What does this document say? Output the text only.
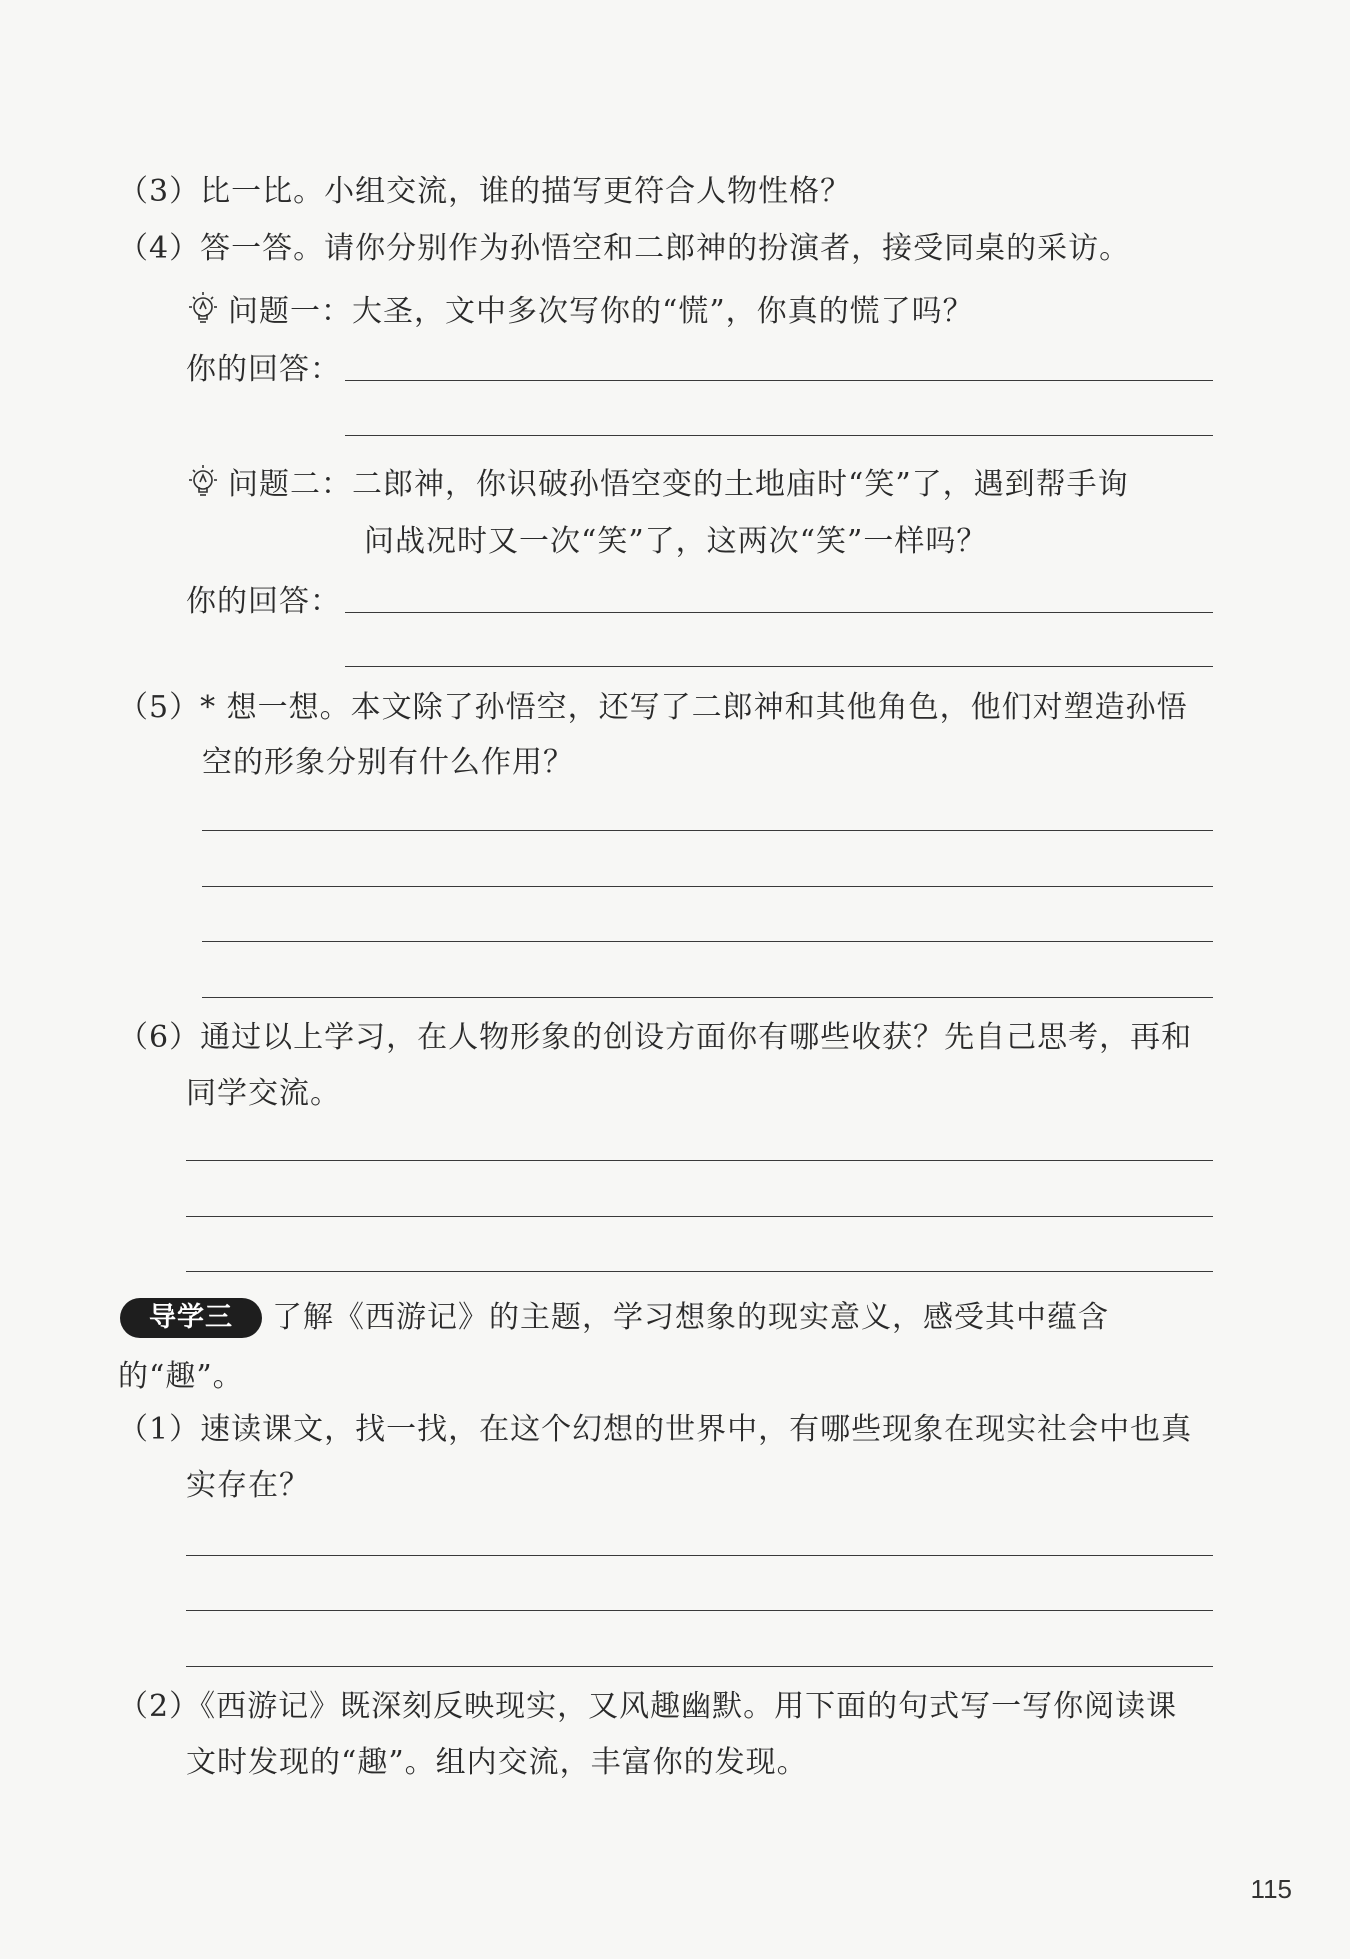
（3）比一比。小组交流，谁的描写更符合人物性格？
（4）答一答。请你分别作为孙悟空和二郎神的扮演者，接受同桌的采访。
问题一：大圣，文中多次写你的“慌”，你真的慌了吗？
你的回答：
问题二：二郎神，你识破孙悟空变的土地庙时“笑”了，遇到帮手询
问战况时又一次“笑”了，这两次“笑”一样吗？
你的回答：
（5）* 想一想。本文除了孙悟空，还写了二郎神和其他角色，他们对塑造孙悟
空的形象分别有什么作用？
（6）通过以上学习，在人物形象的创设方面你有哪些收获？先自己思考，再和
同学交流。
导学三	了解《西游记》的主题，学习想象的现实意义，感受其中蕴含
的“趣”。
（1）速读课文，找一找，在这个幻想的世界中，有哪些现象在现实社会中也真
实存在？
（2）《西游记》既深刻反映现实，又风趣幽默。用下面的句式写一写你阅读课
文时发现的“趣”。组内交流，丰富你的发现。
115
